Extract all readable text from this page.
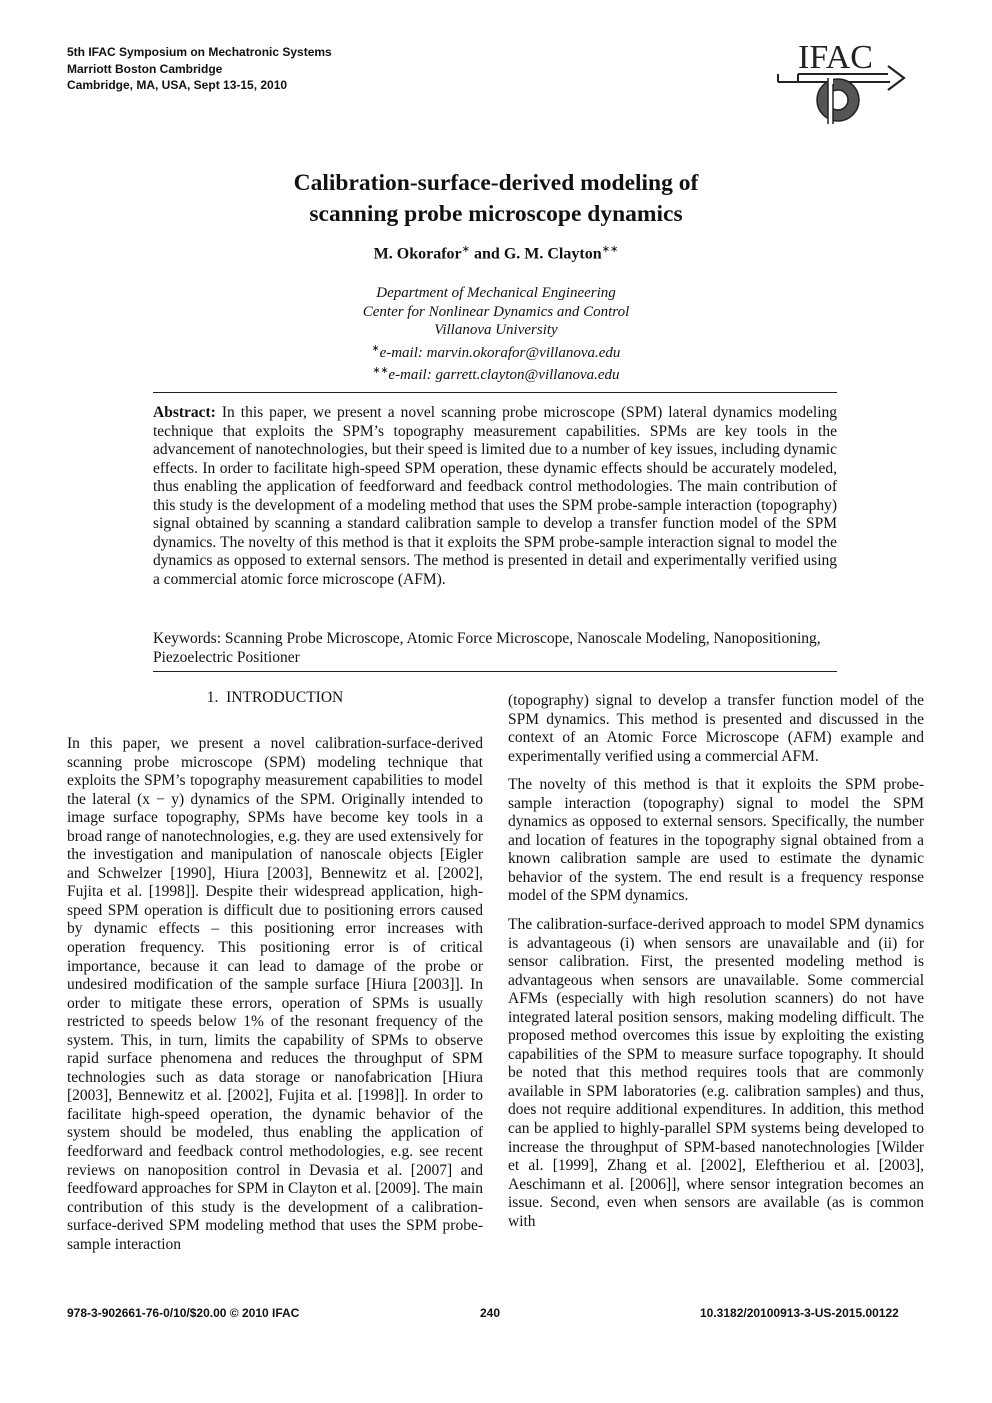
5th IFAC Symposium on Mechatronic Systems
Marriott Boston Cambridge
Cambridge, MA, USA, Sept 13-15, 2010
IFAC
Calibration-surface-derived modeling of
scanning probe microscope dynamics
M. Okorafor∗ and G. M. Clayton∗∗
Department of Mechanical Engineering
Center for Nonlinear Dynamics and Control
Villanova University
∗e-mail: marvin.okorafor@villanova.edu
∗∗e-mail: garrett.clayton@villanova.edu
Abstract: In this paper, we present a novel scanning probe microscope (SPM) lateral dynamics modeling technique that exploits the SPM’s topography measurement capabilities. SPMs are key tools in the advancement of nanotechnologies, but their speed is limited due to a number of key issues, including dynamic effects. In order to facilitate high-speed SPM operation, these dynamic effects should be accurately modeled, thus enabling the application of feedforward and feedback control methodologies. The main contribution of this study is the development of a modeling method that uses the SPM probe-sample interaction (topography) signal obtained by scanning a standard calibration sample to develop a transfer function model of the SPM dynamics. The novelty of this method is that it exploits the SPM probe-sample interaction signal to model the dynamics as opposed to external sensors. The method is presented in detail and experimentally verified using a commercial atomic force microscope (AFM).
Keywords: Scanning Probe Microscope, Atomic Force Microscope, Nanoscale Modeling, Nanopositioning, Piezoelectric Positioner
1.  INTRODUCTION

In this paper, we present a novel calibration-surface-derived scanning probe microscope (SPM) modeling technique that exploits the SPM’s topography measurement capabilities to model the lateral (x − y) dynamics of the SPM. Originally intended to image surface topography, SPMs have become key tools in a broad range of nanotechnologies, e.g. they are used extensively for the investigation and manipulation of nanoscale objects [Eigler and Schwelzer [1990], Hiura [2003], Bennewitz et al. [2002], Fujita et al. [1998]]. Despite their widespread application, high-speed SPM operation is difficult due to positioning errors caused by dynamic effects – this positioning error increases with operation frequency. This positioning error is of critical importance, because it can lead to damage of the probe or undesired modification of the sample surface [Hiura [2003]]. In order to mitigate these errors, operation of SPMs is usually restricted to speeds below 1% of the resonant frequency of the system. This, in turn, limits the capability of SPMs to observe rapid surface phenomena and reduces the throughput of SPM technologies such as data storage or nanofabrication [Hiura [2003], Bennewitz et al. [2002], Fujita et al. [1998]]. In order to facilitate high-speed operation, the dynamic behavior of the system should be modeled, thus enabling the application of feedforward and feedback control methodologies, e.g. see recent reviews on nanoposition control in Devasia et al. [2007] and feedfoward approaches for SPM in Clayton et al. [2009]. The main contribution of this study is the development of a calibration-surface-derived SPM modeling method that uses the SPM probe-sample interaction

(topography) signal to develop a transfer function model of the SPM dynamics. This method is presented and discussed in the context of an Atomic Force Microscope (AFM) example and experimentally verified using a commercial AFM.

The novelty of this method is that it exploits the SPM probe-sample interaction (topography) signal to model the SPM dynamics as opposed to external sensors. Specifically, the number and location of features in the topography signal obtained from a known calibration sample are used to estimate the dynamic behavior of the system. The end result is a frequency response model of the SPM dynamics.

The calibration-surface-derived approach to model SPM dynamics is advantageous (i) when sensors are unavailable and (ii) for sensor calibration. First, the presented modeling method is advantageous when sensors are unavailable. Some commercial AFMs (especially with high resolution scanners) do not have integrated lateral position sensors, making modeling difficult. The proposed method overcomes this issue by exploiting the existing capabilities of the SPM to measure surface topography. It should be noted that this method requires tools that are commonly available in SPM laboratories (e.g. calibration samples) and thus, does not require additional expenditures. In addition, this method can be applied to highly-parallel SPM systems being developed to increase the throughput of SPM-based nanotechnologies [Wilder et al. [1999], Zhang et al. [2002], Eleftheriou et al. [2003], Aeschimann et al. [2006]], where sensor integration becomes an issue. Second, even when sensors are available (as is common with

978-3-902661-76-0/10/$20.00 © 2010 IFAC	240	10.3182/20100913-3-US-2015.00122
